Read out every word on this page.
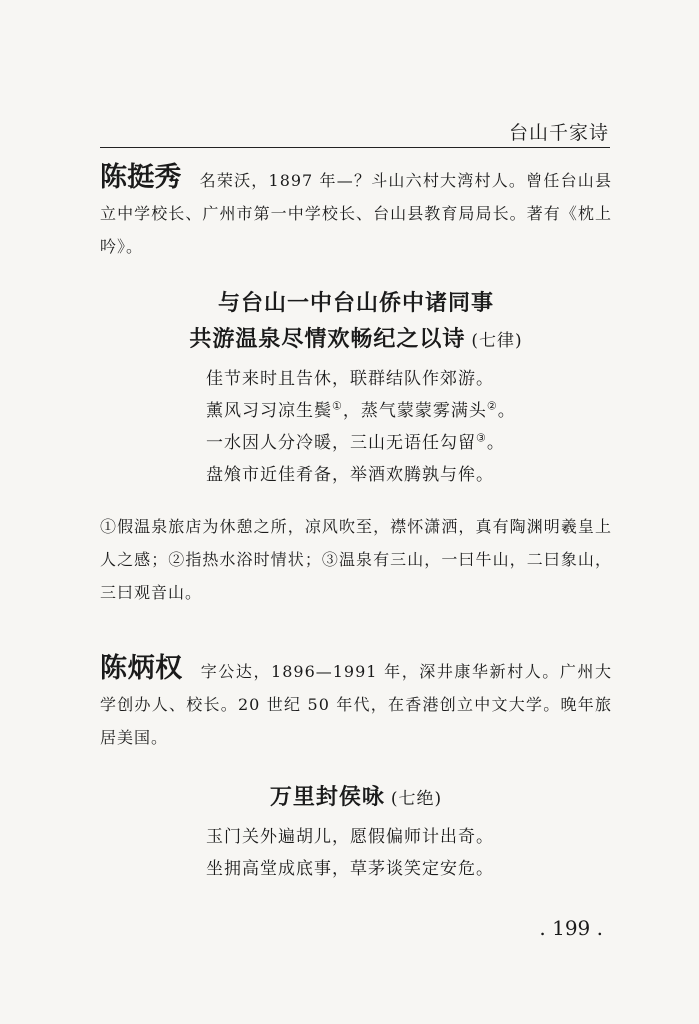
台山千家诗
陈挺秀 名荣沃，1897 年—？斗山六村大湾村人。曾任台山县立中学校长、广州市第一中学校长、台山县教育局局长。著有《枕上吟》。
与台山一中台山侨中诸同事
共游温泉尽情欢畅纪之以诗 (七律)
佳节来时且告休，联群结队作郊游。
薰风习习凉生鬓①，蒸气蒙蒙雾满头②。
一水因人分冷暖，三山无语任勾留③。
盘飧市近佳肴备，举酒欢腾孰与侔。
①假温泉旅店为休憩之所，凉风吹至，襟怀潇洒，真有陶渊明羲皇上人之感；②指热水浴时情状；③温泉有三山，一曰牛山，二曰象山，三曰观音山。
陈炳权 字公达，1896—1991 年，深井康华新村人。广州大学创办人、校长。20 世纪 50 年代，在香港创立中文大学。晚年旅居美国。
万里封侯咏 (七绝)
玉门关外遍胡儿，愿假偏师计出奇。
坐拥高堂成底事，草茅谈笑定安危。
. 199 .
